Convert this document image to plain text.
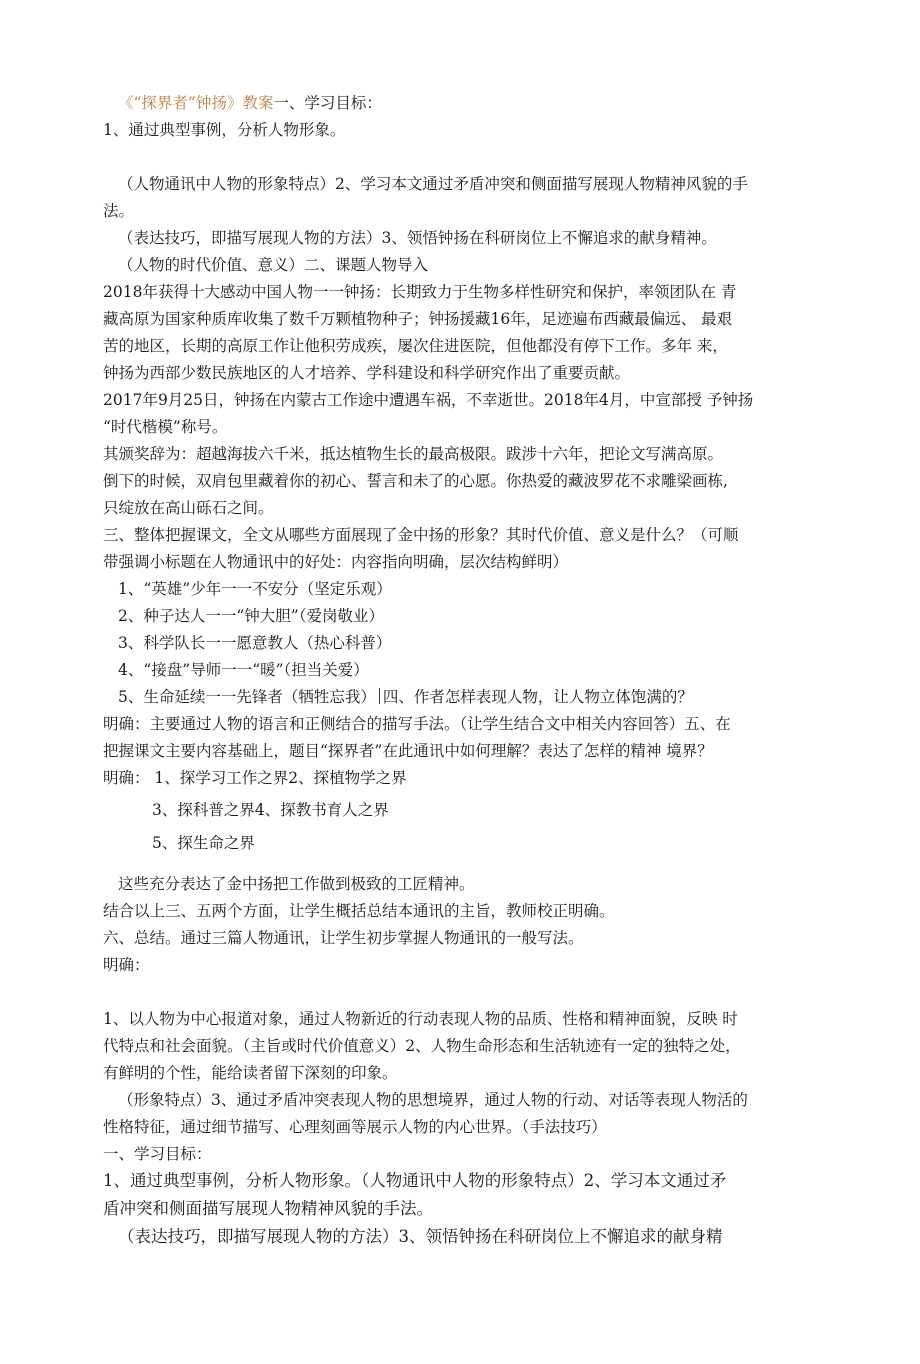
《“探界者”钟扬》教案一、学习目标：
1、通过典型事例，分析人物形象。
（人物通讯中人物的形象特点）2、学习本文通过矛盾冲突和侧面描写展现人物精神风貌的手
法。
（表达技巧，即描写展现人物的方法）3、领悟钟扬在科研岗位上不懈追求的献身精神。
（人物的时代价值、意义）二、课题人物导入
2018年获得十大感动中国人物一一钟扬：长期致力于生物多样性研究和保护，率领团队在 青
藏高原为国家种质库收集了数千万颗植物种子；钟扬援藏16年，足迹遍布西藏最偏远、 最艰
苦的地区，长期的高原工作让他积劳成疾，屡次住进医院，但他都没有停下工作。多年 来，
钟扬为西部少数民族地区的人才培养、学科建设和科学研究作出了重要贡献。
2017年9月25日，钟扬在内蒙古工作途中遭遇车祸，不幸逝世。2018年4月，中宣部授 予钟扬
“时代楷模”称号。
其颁奖辞为：超越海拔六千米，抵达植物生长的最高极限。跋涉十六年，把论文写满高原。
倒下的时候，双肩包里藏着你的初心、誓言和未了的心愿。你热爱的藏波罗花不求雕梁画栋,
只绽放在高山砾石之间。
三、整体把握课文，全文从哪些方面展现了金中扬的形象？其时代价值、意义是什么？（可顺
带强调小标题在人物通讯中的好处：内容指向明确，层次结构鲜明）
1、“英雄”少年一一不安分（坚定乐观）
2、种子达人一一“钟大胆”（爱岗敬业）
3、科学队长一一愿意教人（热心科普）
4、“接盘”导师一一“暖”（担当关爱）
5、生命延续一一先锋者（牺牲忘我） 四、作者怎样表现人物，让人物立体饱满的？
明确：主要通过人物的语言和正侧结合的描写手法。（让学生结合文中相关内容回答）五、在
把握课文主要内容基础上，题目“探界者”在此通讯中如何理解？表达了怎样的精神 境界？
明确： 1、探学习工作之界2、探植物学之界
3、探科普之界4、探教书育人之界
5、探生命之界
这些充分表达了金中扬把工作做到极致的工匠精神。
结合以上三、五两个方面，让学生概括总结本通讯的主旨，教师校正明确。
六、总结。通过三篇人物通讯，让学生初步掌握人物通讯的一般写法。
明确：
1、以人物为中心报道对象，通过人物新近的行动表现人物的品质、性格和精神面貌，反映 时
代特点和社会面貌。（主旨或时代价值意义）2、人物生命形态和生活轨迹有一定的独特之处，
有鲜明的个性，能给读者留下深刻的印象。
（形象特点）3、通过矛盾冲突表现人物的思想境界，通过人物的行动、对话等表现人物活的
性格特征，通过细节描写、心理刻画等展示人物的内心世界。（手法技巧）
一、学习目标：
1、通过典型事例，分析人物形象。（人物通讯中人物的形象特点）2、学习本文通过矛
盾冲突和侧面描写展现人物精神风貌的手法。
（表达技巧，即描写展现人物的方法）3、领悟钟扬在科研岗位上不懈追求的献身精
